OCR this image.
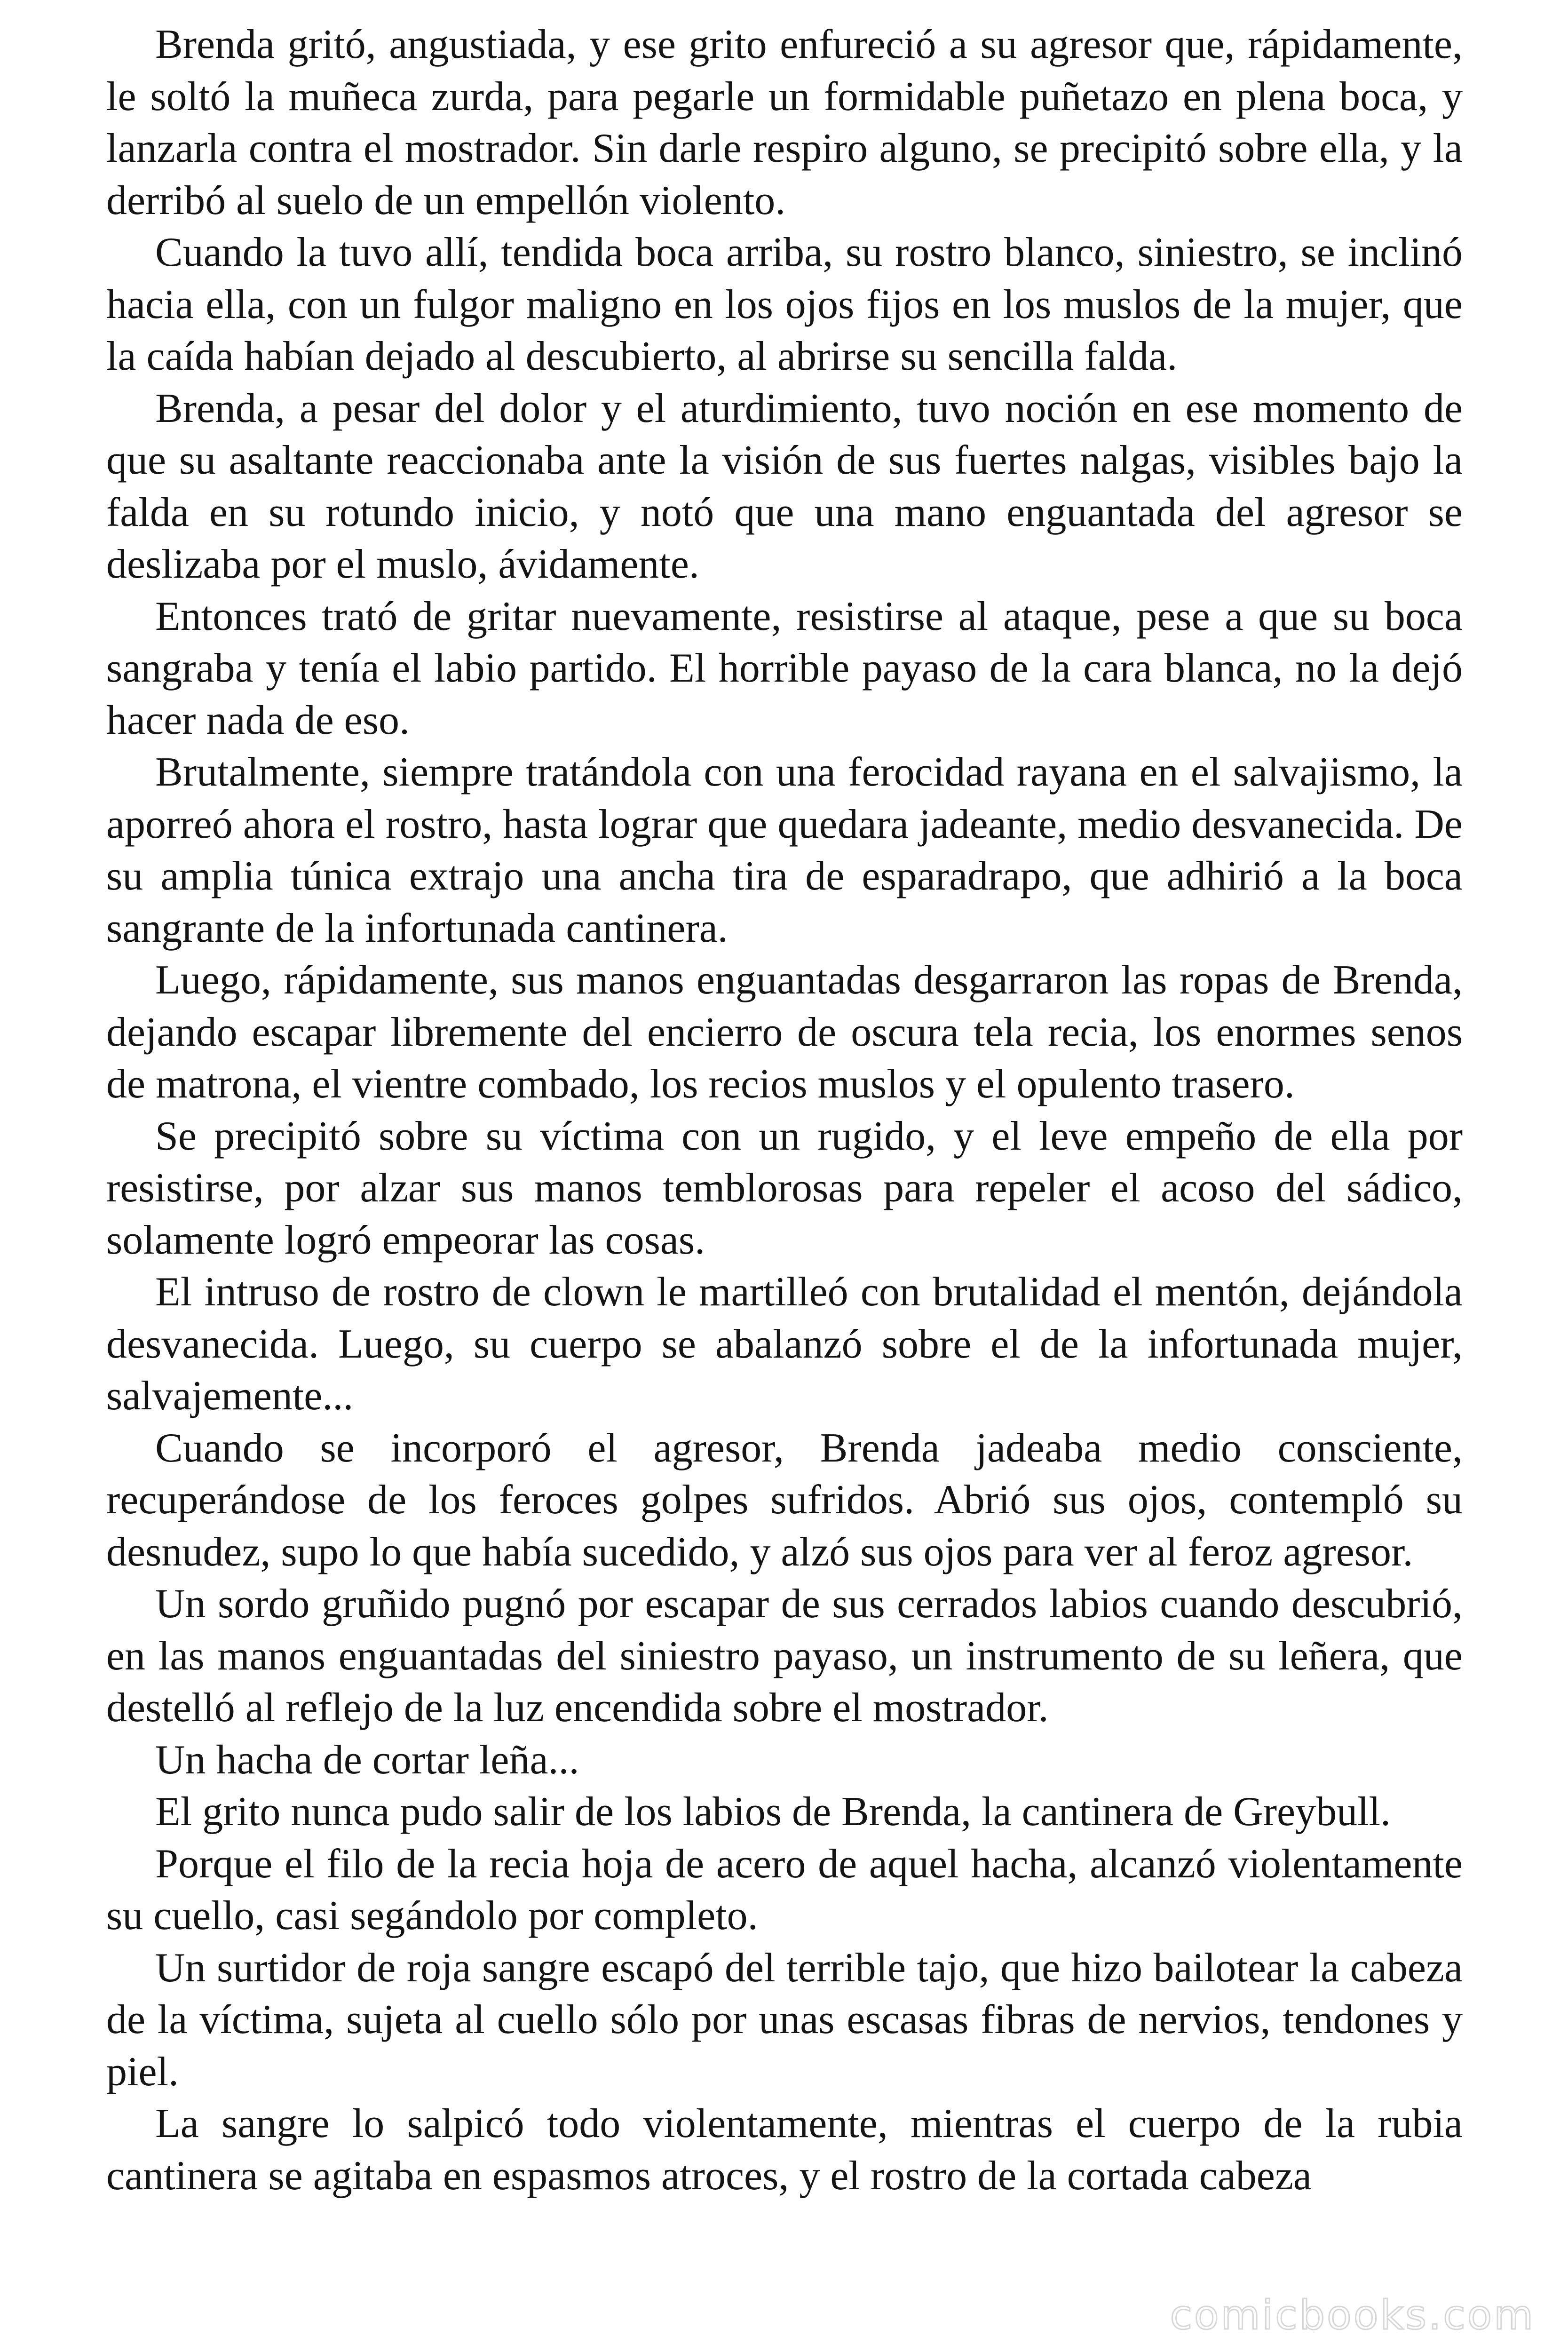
Brenda gritó, angustiada, y ese grito enfureció a su agresor que, rápidamente, le soltó la muñeca zurda, para pegarle un formidable puñetazo en plena boca, y lanzarla contra el mostrador. Sin darle respiro alguno, se precipitó sobre ella, y la derribó al suelo de un empellón violento.

Cuando la tuvo allí, tendida boca arriba, su rostro blanco, siniestro, se inclinó hacia ella, con un fulgor maligno en los ojos fijos en los muslos de la mujer, que la caída habían dejado al descubierto, al abrirse su sencilla falda.

Brenda, a pesar del dolor y el aturdimiento, tuvo noción en ese momento de que su asaltante reaccionaba ante la visión de sus fuertes nalgas, visibles bajo la falda en su rotundo inicio, y notó que una mano enguantada del agresor se deslizaba por el muslo, ávidamente.

Entonces trató de gritar nuevamente, resistirse al ataque, pese a que su boca sangraba y tenía el labio partido. El horrible payaso de la cara blanca, no la dejó hacer nada de eso.

Brutalmente, siempre tratándola con una ferocidad rayana en el salvajismo, la aporreó ahora el rostro, hasta lograr que quedara jadeante, medio desvanecida. De su amplia túnica extrajo una ancha tira de esparadrapo, que adhirió a la boca sangrante de la infortunada cantinera.

Luego, rápidamente, sus manos enguantadas desgarraron las ropas de Brenda, dejando escapar libremente del encierro de oscura tela recia, los enormes senos de matrona, el vientre combado, los recios muslos y el opulento trasero.

Se precipitó sobre su víctima con un rugido, y el leve empeño de ella por resistirse, por alzar sus manos temblorosas para repeler el acoso del sádico, solamente logró empeorar las cosas.

El intruso de rostro de clown le martilleó con brutalidad el mentón, dejándola desvanecida. Luego, su cuerpo se abalanzó sobre el de la infortunada mujer, salvajemente...

Cuando se incorporó el agresor, Brenda jadeaba medio consciente, recuperándose de los feroces golpes sufridos. Abrió sus ojos, contempló su desnudez, supo lo que había sucedido, y alzó sus ojos para ver al feroz agresor.

Un sordo gruñido pugnó por escapar de sus cerrados labios cuando descubrió, en las manos enguantadas del siniestro payaso, un instrumento de su leñera, que destelló al reflejo de la luz encendida sobre el mostrador.

Un hacha de cortar leña...

El grito nunca pudo salir de los labios de Brenda, la cantinera de Greybull.

Porque el filo de la recia hoja de acero de aquel hacha, alcanzó violentamente su cuello, casi segándolo por completo.

Un surtidor de roja sangre escapó del terrible tajo, que hizo bailotear la cabeza de la víctima, sujeta al cuello sólo por unas escasas fibras de nervios, tendones y piel.

La sangre lo salpicó todo violentamente, mientras el cuerpo de la rubia cantinera se agitaba en espasmos atroces, y el rostro de la cortada cabeza

comicbooks.com
